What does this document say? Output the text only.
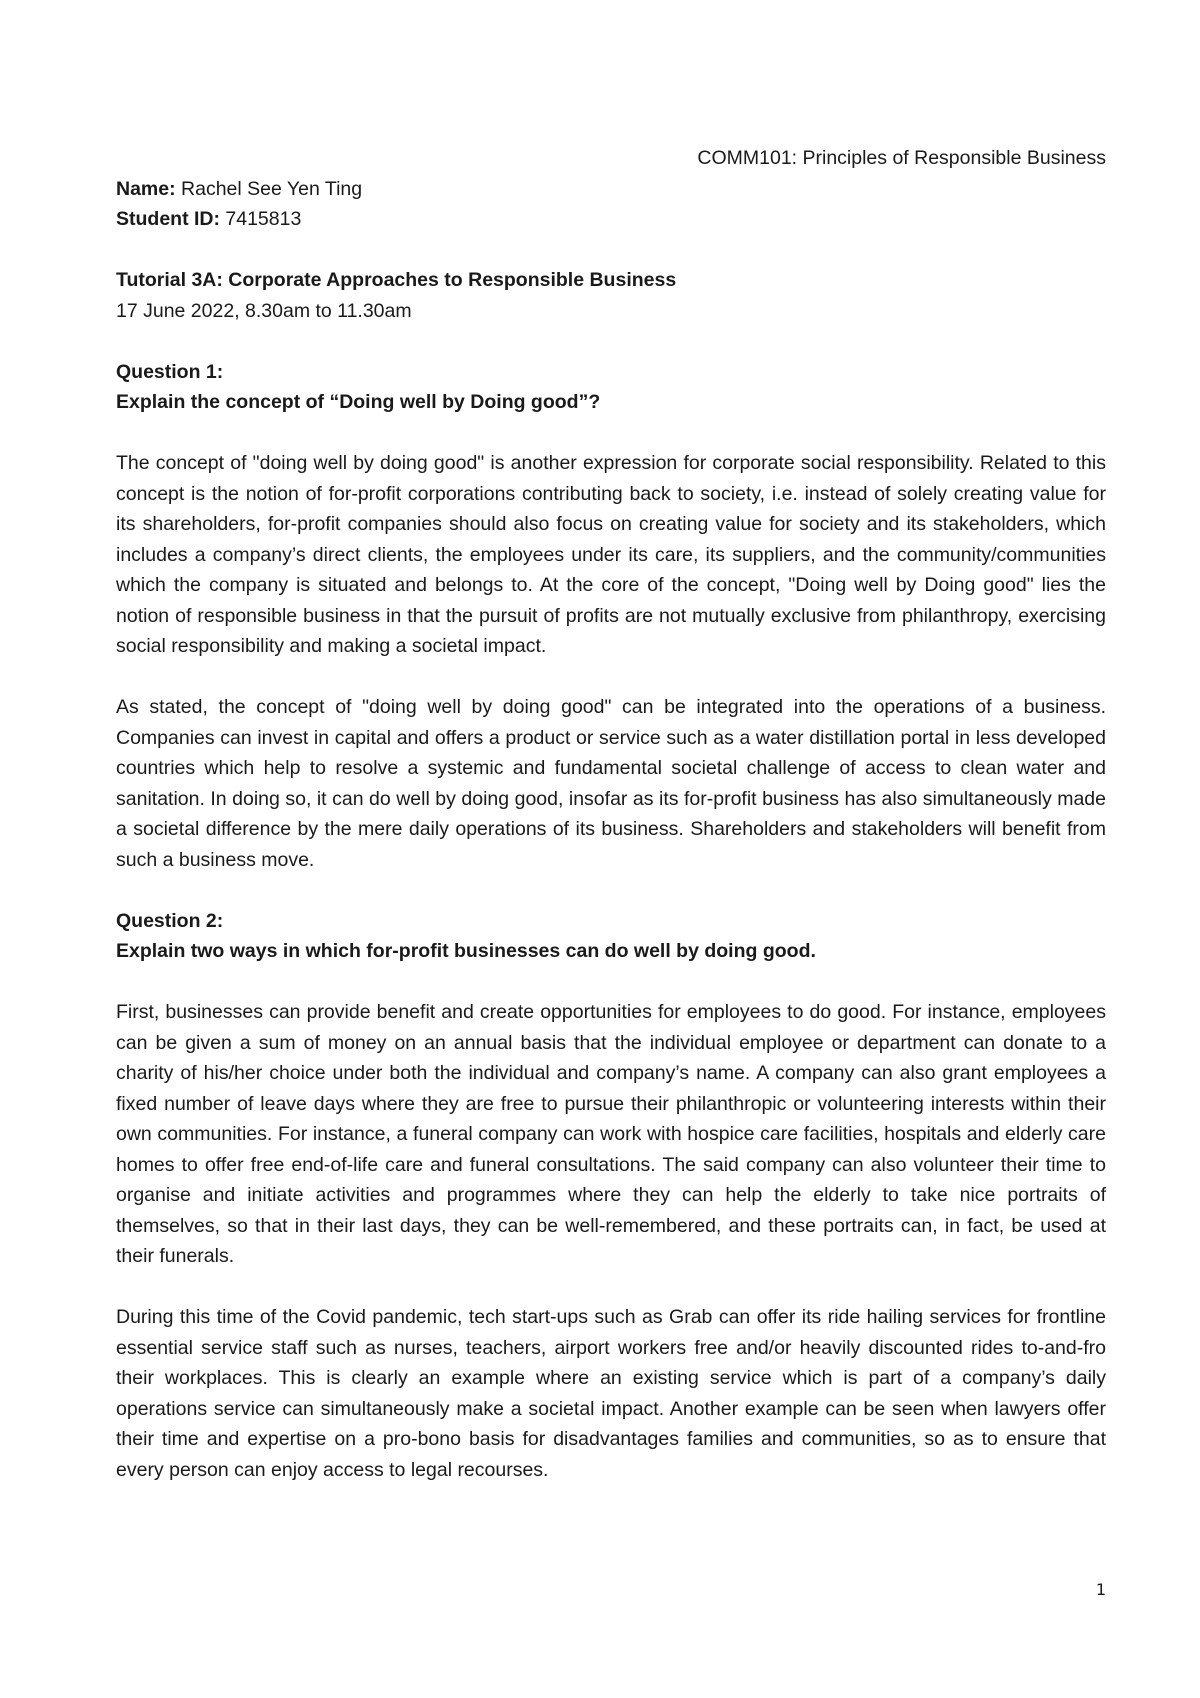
COMM101: Principles of Responsible Business

Name: Rachel See Yen Ting

Student ID: 7415813

Tutorial 3A: Corporate Approaches to Responsible Business

17 June 2022, 8.30am to 11.30am

Question 1:

Explain the concept of “Doing well by Doing good”?

The concept of "doing well by doing good" is another expression for corporate social responsibility. Related to this concept is the notion of for-profit corporations contributing back to society, i.e. instead of solely creating value for its shareholders, for-profit companies should also focus on creating value for society and its stakeholders, which includes a company’s direct clients, the employees under its care, its suppliers, and the community/communities which the company is situated and belongs to. At the core of the concept, "Doing well by Doing good" lies the notion of responsible business in that the pursuit of profits are not mutually exclusive from philanthropy, exercising social responsibility and making a societal impact.

As stated, the concept of "doing well by doing good" can be integrated into the operations of a business. Companies can invest in capital and offers a product or service such as a water distillation portal in less developed countries which help to resolve a systemic and fundamental societal challenge of access to clean water and sanitation. In doing so, it can do well by doing good, insofar as its for-profit business has also simultaneously made a societal difference by the mere daily operations of its business. Shareholders and stakeholders will benefit from such a business move.

Question 2:

Explain two ways in which for-profit businesses can do well by doing good.

First, businesses can provide benefit and create opportunities for employees to do good. For instance, employees can be given a sum of money on an annual basis that the individual employee or department can donate to a charity of his/her choice under both the individual and company’s name. A company can also grant employees a fixed number of leave days where they are free to pursue their philanthropic or volunteering interests within their own communities. For instance, a funeral company can work with hospice care facilities, hospitals and elderly care homes to offer free end-of-life care and funeral consultations. The said company can also volunteer their time to organise and initiate activities and programmes where they can help the elderly to take nice portraits of themselves, so that in their last days, they can be well-remembered, and these portraits can, in fact, be used at their funerals.

During this time of the Covid pandemic, tech start-ups such as Grab can offer its ride hailing services for frontline essential service staff such as nurses, teachers, airport workers free and/or heavily discounted rides to-and-fro their workplaces. This is clearly an example where an existing service which is part of a company’s daily operations service can simultaneously make a societal impact. Another example can be seen when lawyers offer their time and expertise on a pro-bono basis for disadvantages families and communities, so as to ensure that every person can enjoy access to legal recourses.

1
